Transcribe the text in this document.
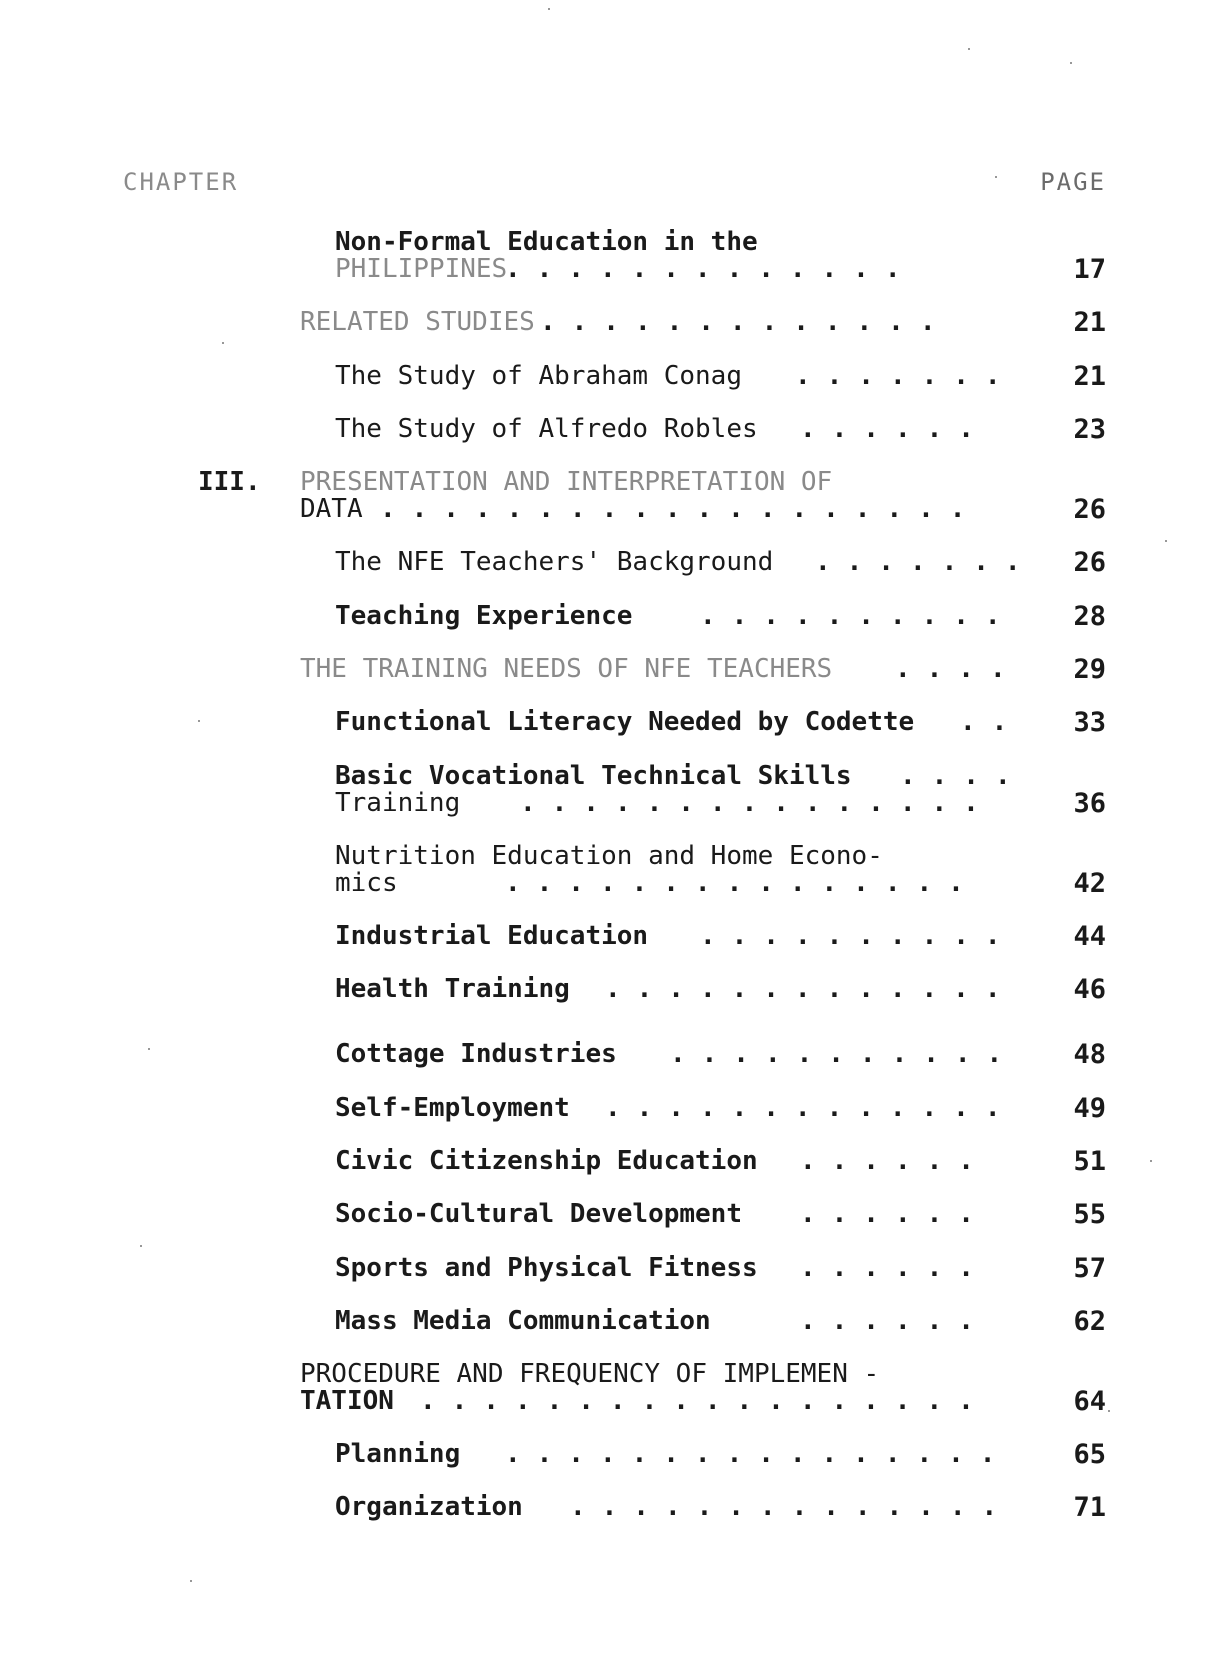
CHAPTER	PAGE
Non-Formal Education in the
PHILIPPINES
.............	17
RELATED STUDIES .............	21
The Study of Abraham Conag .......	21
The Study of Alfredo Robles ......	23
III. PRESENTATION AND INTERPRETATION OF
DATA ...................	26
The NFE Teachers' Background .......	26
Teaching Experience	..........	28
THE TRAINING NEEDS OF NFE TEACHERS ....	29
Functional Literacy Needed by Codette ..	33
Basic Vocational Technical Skills ....
Training ...............	36
Nutrition Education and Home Econo-
mics	...............	42
Industrial Education ..........	44
Health Training .............	46
Cottage Industries ...........	48
Self-Employment .............	49
Civic Citizenship Education ......	51
Socio-Cultural Development ......	55
Sports and Physical Fitness ......	57
Mass Media Communication	......	62
PROCEDURE AND FREQUENCY OF IMPLEMEN -
TATION ..................	64
Planning ................	65
Organization ..............	71
